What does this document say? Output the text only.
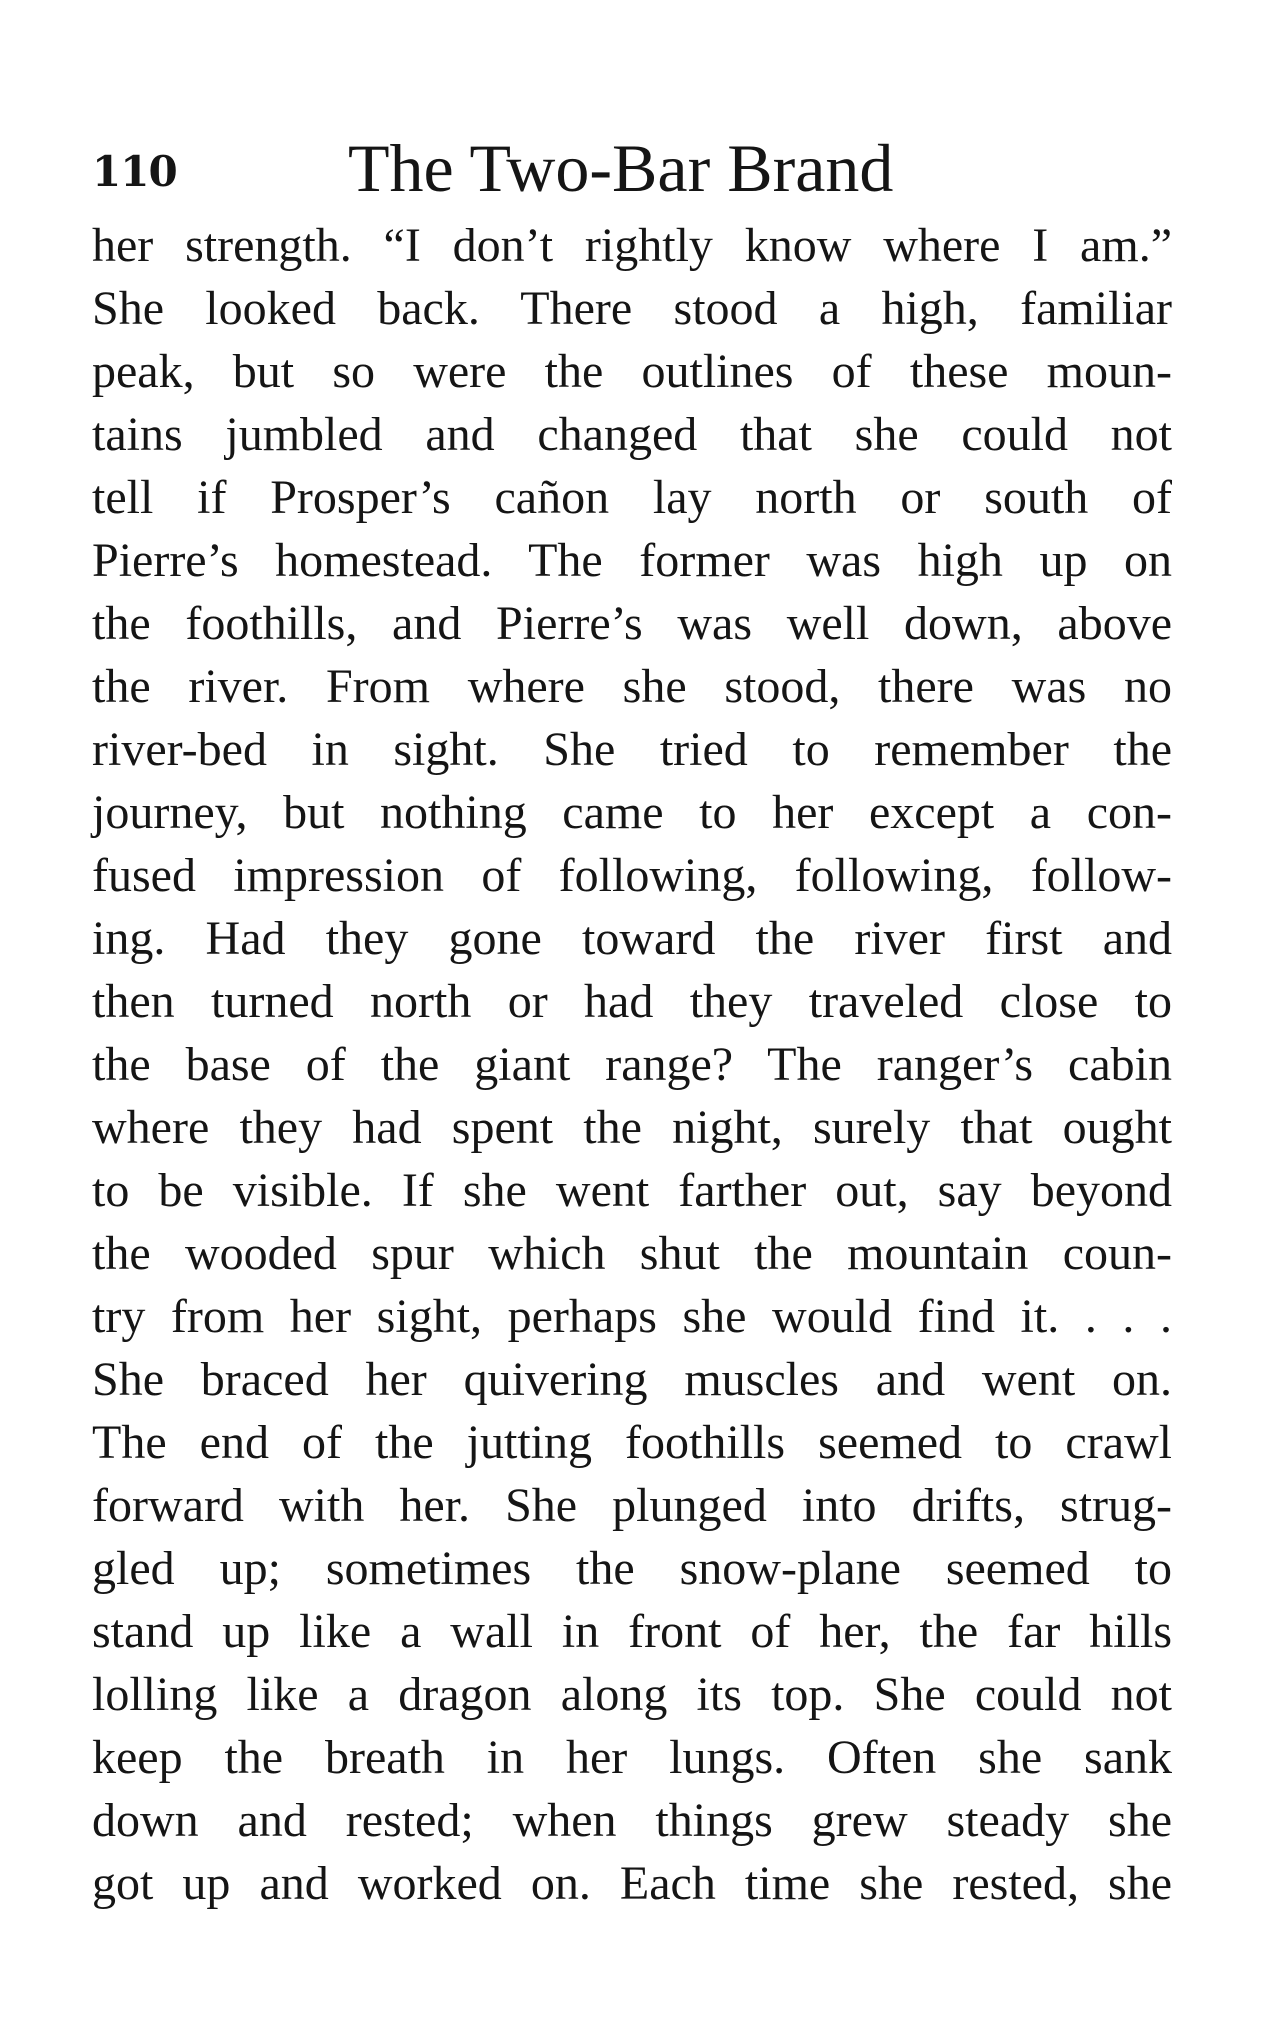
110	The Two-Bar Brand
her strength. “I don’t rightly know where I am.”
She looked back. There stood a high, familiar
peak, but so were the outlines of these moun-
tains jumbled and changed that she could not
tell if Prosper’s cañon lay north or south of
Pierre’s homestead. The former was high up on
the foothills, and Pierre’s was well down, above
the river. From where she stood, there was no
river-bed in sight. She tried to remember the
journey, but nothing came to her except a con-
fused impression of following, following, follow-
ing. Had they gone toward the river first and
then turned north or had they traveled close to
the base of the giant range? The ranger’s cabin
where they had spent the night, surely that ought
to be visible. If she went farther out, say beyond
the wooded spur which shut the mountain coun-
try from her sight, perhaps she would find it. . . .
She braced her quivering muscles and went on.
The end of the jutting foothills seemed to crawl
forward with her. She plunged into drifts, strug-
gled up; sometimes the snow-plane seemed to
stand up like a wall in front of her, the far hills
lolling like a dragon along its top. She could not
keep the breath in her lungs. Often she sank
down and rested; when things grew steady she
got up and worked on. Each time she rested, she
